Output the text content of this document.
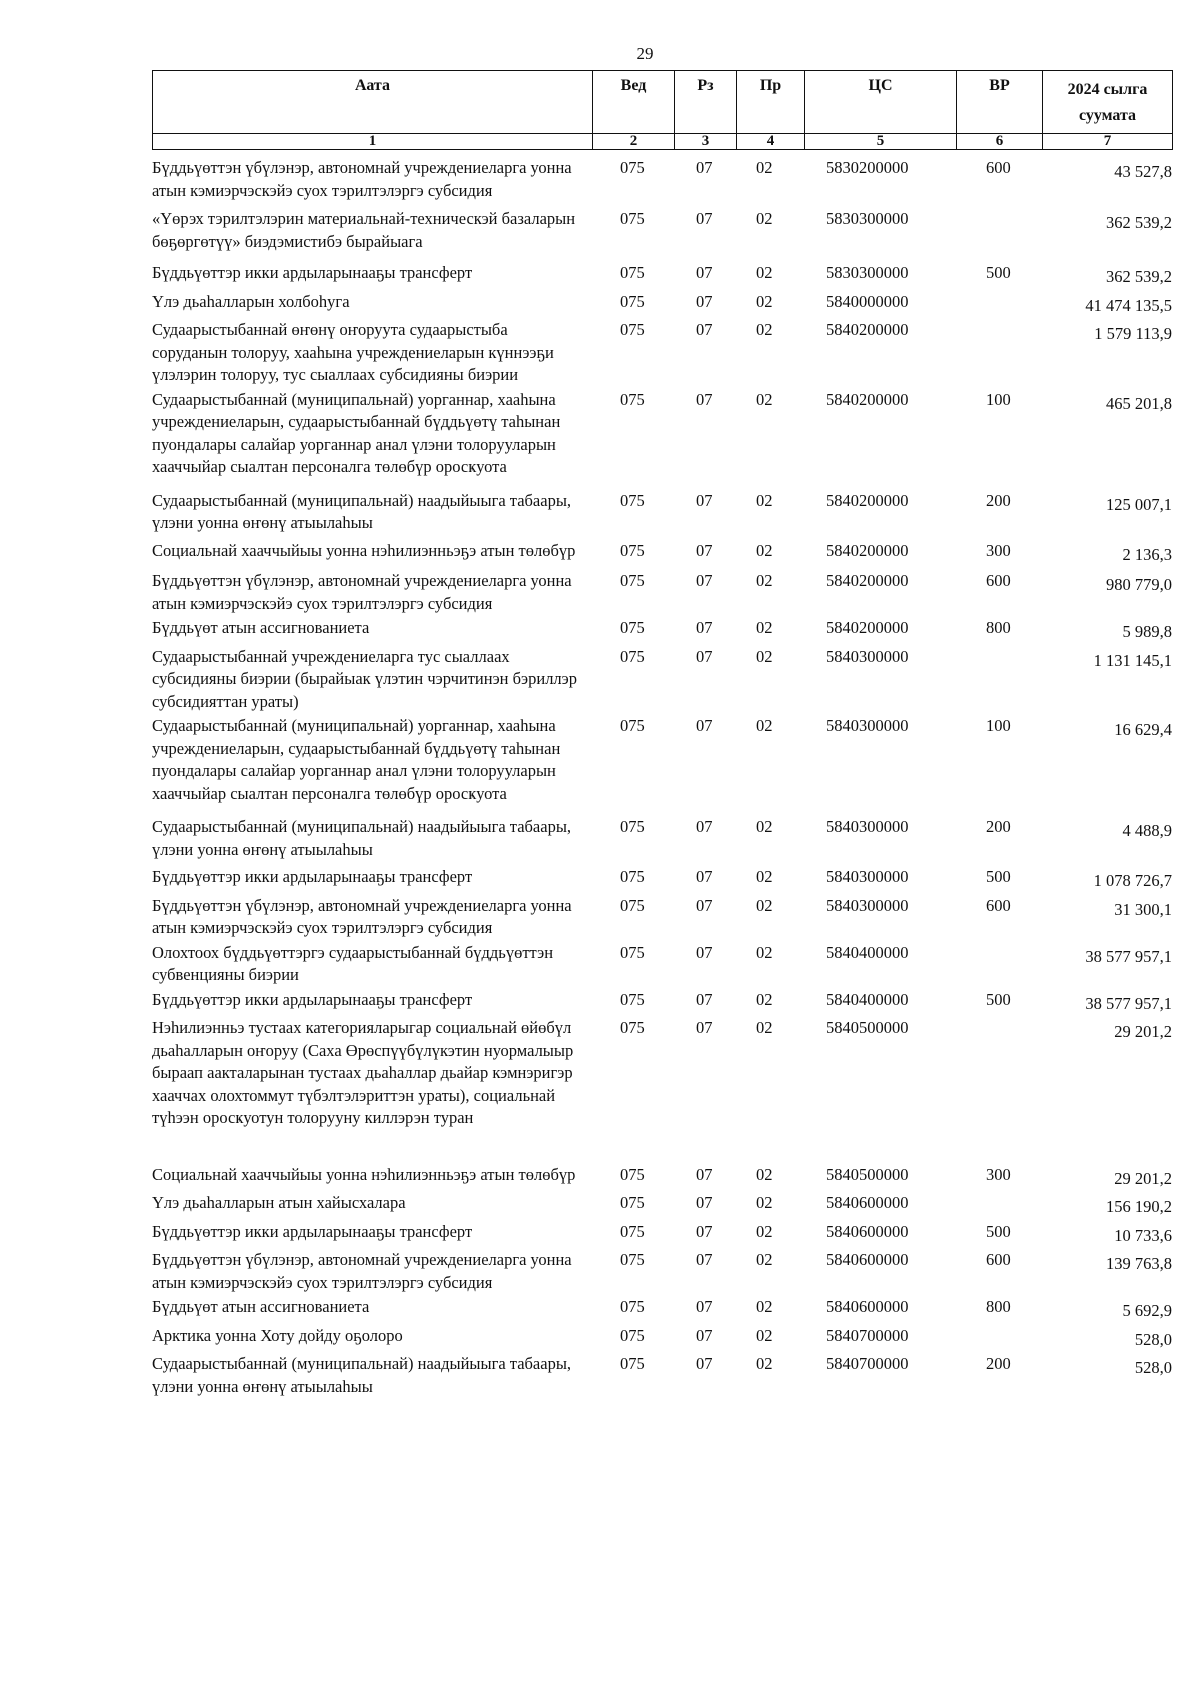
29
Аата	Вед	Рз	Пр	ЦС	ВР	2024 сылга суумата
1	2	3	4	5	6	7
Бүддьүөттэн үбүлэнэр, автономнай учреждениеларга уонна атын кэмиэрчэскэйэ суох тэрилтэлэргэ субсидия	075	07	02	5830200000	600	43 527,8
«Үөрэх тэрилтэлэрин материальнай-техническэй базаларын бөҕөргөтүү» биэдэмистибэ бырайыага	075	07	02	5830300000		362 539,2
Бүддьүөттэр икки ардыларынааҕы трансферт	075	07	02	5830300000	500	362 539,2
Үлэ дьаһалларын холбоһуга	075	07	02	5840000000		41 474 135,5
Судаарыстыбаннай өҥөнү оҥоруута судаарыстыба соруданын толоруу, хааһына учреждениеларын күннээҕи үлэлэрин толоруу, тус сыаллаах субсидияны биэрии	075	07	02	5840200000		1 579 113,9
Судаарыстыбаннай (муниципальнай) уорганнар, хааһына учреждениеларын, судаарыстыбаннай бүддьүөтү таһынан пуондалары салайар уорганнар анал үлэни толорууларын хааччыйар сыалтан персоналга төлөбүр оросҝуота	075	07	02	5840200000	100	465 201,8
Судаарыстыбаннай (муниципальнай) наадыйыыга табаары, үлэни уонна өҥөнү атыылаһыы	075	07	02	5840200000	200	125 007,1
Социальнай хааччыйыы уонна нэһилиэнньэҕэ атын төлөбүр	075	07	02	5840200000	300	2 136,3
Бүддьүөттэн үбүлэнэр, автономнай учреждениеларга уонна атын кэмиэрчэскэйэ суох тэрилтэлэргэ субсидия	075	07	02	5840200000	600	980 779,0
Бүддьүөт атын ассигнованиета	075	07	02	5840200000	800	5 989,8
Судаарыстыбаннай учреждениеларга тус сыаллаах субсидияны биэрии (бырайыак үлэтин чэрчитинэн бэриллэр субсидияттан ураты)	075	07	02	5840300000		1 131 145,1
Судаарыстыбаннай (муниципальнай) уорганнар, хааһына учреждениеларын, судаарыстыбаннай бүддьүөтү таһынан пуондалары салайар уорганнар анал үлэни толорууларын хааччыйар сыалтан персоналга төлөбүр оросҝуота	075	07	02	5840300000	100	16 629,4
Судаарыстыбаннай (муниципальнай) наадыйыыга табаары, үлэни уонна өҥөнү атыылаһыы	075	07	02	5840300000	200	4 488,9
Бүддьүөттэр икки ардыларынааҕы трансферт	075	07	02	5840300000	500	1 078 726,7
Бүддьүөттэн үбүлэнэр, автономнай учреждениеларга уонна атын кэмиэрчэскэйэ суох тэрилтэлэргэ субсидия	075	07	02	5840300000	600	31 300,1
Олохтоох бүддьүөттэргэ судаарыстыбаннай бүддьүөттэн субвенцияны биэрии	075	07	02	5840400000		38 577 957,1
Бүддьүөттэр икки ардыларынааҕы трансферт	075	07	02	5840400000	500	38 577 957,1
Нэһилиэнньэ тустаах категорияларыгар социальнай өйөбүл дьаһалларын оҥоруу (Саха Өрөспүүбүлүкэтин нуормалыыр быраап аакталарынан тустаах дьаһаллар дьайар кэмнэригэр хааччах олохтоммут түбэлтэлэриттэн ураты), социальнай түһээн оросҝуотун толорууну киллэрэн туран	075	07	02	5840500000		29 201,2
Социальнай хааччыйыы уонна нэһилиэнньэҕэ атын төлөбүр	075	07	02	5840500000	300	29 201,2
Үлэ дьаһалларын атын хайысхалара	075	07	02	5840600000		156 190,2
Бүддьүөттэр икки ардыларынааҕы трансферт	075	07	02	5840600000	500	10 733,6
Бүддьүөттэн үбүлэнэр, автономнай учреждениеларга уонна атын кэмиэрчэскэйэ суох тэрилтэлэргэ субсидия	075	07	02	5840600000	600	139 763,8
Бүддьүөт атын ассигнованиета	075	07	02	5840600000	800	5 692,9
Арктика уонна Хоту дойду оҕолоро	075	07	02	5840700000		528,0
Судаарыстыбаннай (муниципальнай) наадыйыыга табаары, үлэни уонна өҥөнү атыылаһыы	075	07	02	5840700000	200	528,0
